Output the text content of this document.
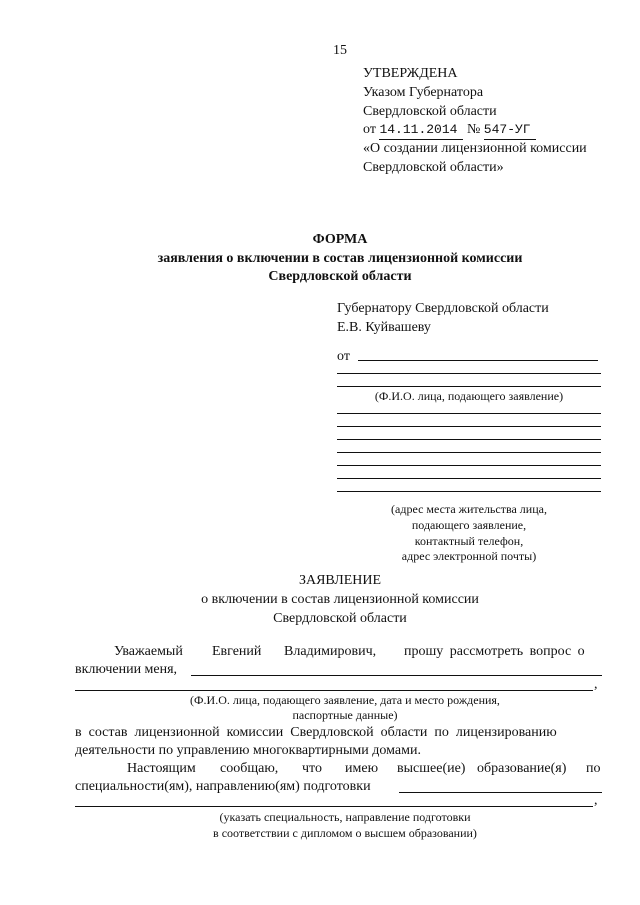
15
УТВЕРЖДЕНА
Указом Губернатора
Свердловской области
от 14.11.2014 № 547-УГ
«О создании лицензионной комиссии
Свердловской области»
ФОРМА
заявления о включении в состав лицензионной комиссии
Свердловской области
Губернатору Свердловской области
Е.В. Куйвашеву
от
(Ф.И.О. лица, подающего заявление)
(адрес места жительства лица,
подающего заявление,
контактный телефон,
адрес электронной почты)
ЗАЯВЛЕНИЕ
о включении в состав лицензионной комиссии
Свердловской области
Уважаемый Евгений Владимирович, прошу рассмотреть вопрос о
включении меня,
,
(Ф.И.О. лица, подающего заявление, дата и место рождения,
паспортные данные)
в  состав  лицензионной  комиссии  Свердловской  области  по  лицензированию
деятельности по управлению многоквартирными домами.
Настоящим сообщаю, что имею высшее(ие) образование(я) по
специальности(ям), направлению(ям) подготовки
,
(указать специальность, направление подготовки
в соответствии с дипломом о высшем образовании)
